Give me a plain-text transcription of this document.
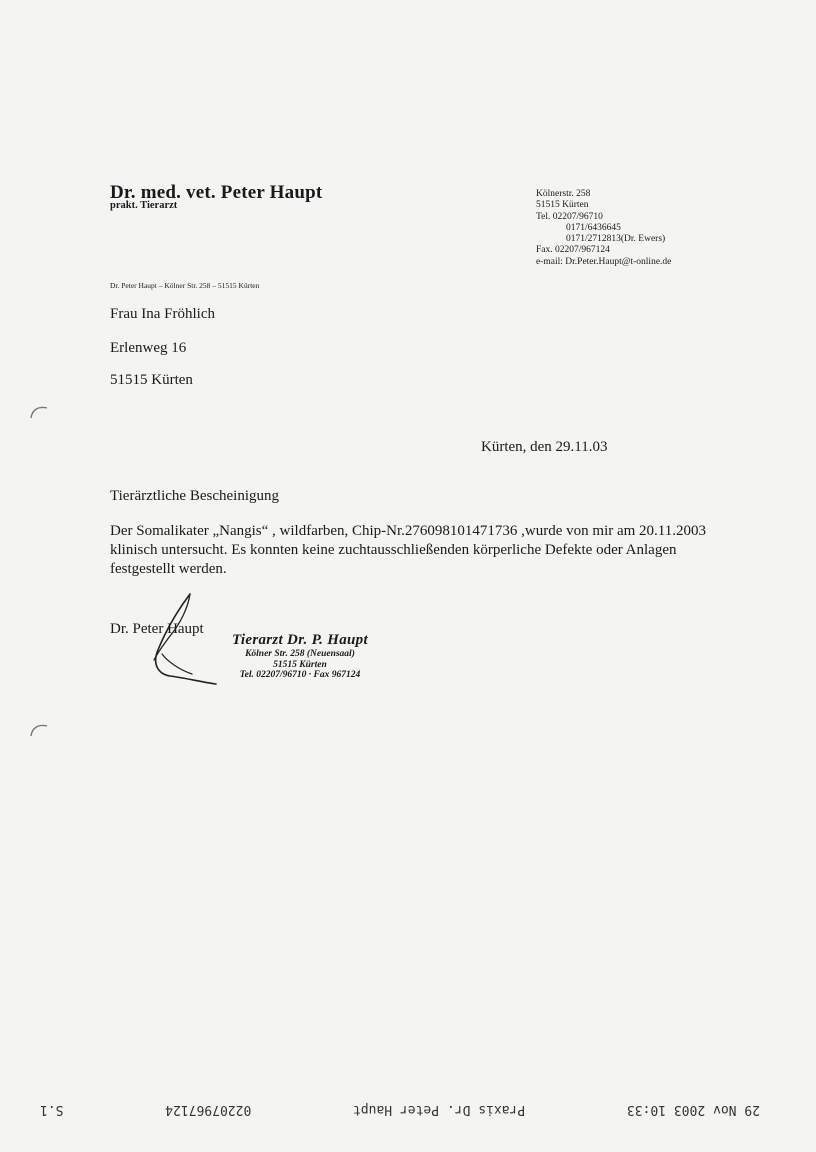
Dr. med. vet. Peter Haupt
prakt. Tierarzt
Kölnerstr. 258
51515 Kürten
Tel. 02207/96710
0171/6436645
0171/2712813(Dr. Ewers)
Fax. 02207/967124
e-mail: Dr.Peter.Haupt@t-online.de
Dr. Peter Haupt – Kölner Str. 258 – 51515 Kürten
Frau Ina Fröhlich
Erlenweg 16
51515 Kürten
Kürten, den 29.11.03
Tierärztliche Bescheinigung
Der Somalikater „Nangis“ , wildfarben, Chip-Nr.276098101471736 ,wurde von mir am 20.11.2003 klinisch untersucht. Es konnten keine zuchtausschließenden körperliche Defekte oder Anlagen festgestellt werden.
Dr. Peter Haupt
Tierarzt Dr. P. Haupt
Kölner Str. 258 (Neuensaal)
51515 Kürten
Tel. 02207/96710 · Fax 967124
29 Nov 2003 10:33
Praxis Dr. Peter Haupt
02207967124
S.1
